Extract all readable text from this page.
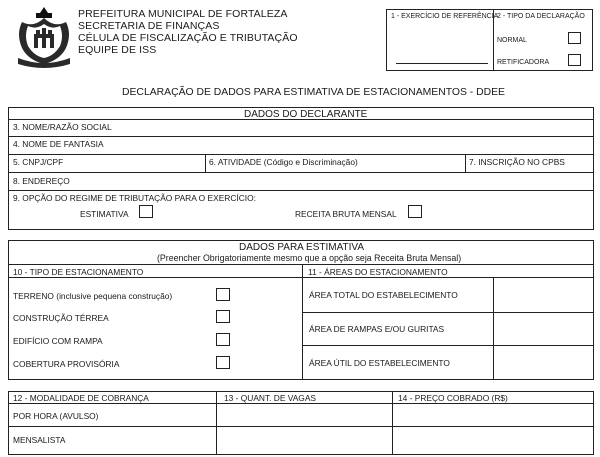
PREFEITURA MUNICIPAL DE FORTALEZA
SECRETARIA DE FINANÇAS
CÉLULA DE FISCALIZAÇÃO E TRIBUTAÇÃO
EQUIPE DE ISS
1 - EXERCÍCIO DE REFERÊNCIA
2 - TIPO DA DECLARAÇÃO
NORMAL
RETIFICADORA
DECLARAÇÃO DE DADOS PARA ESTIMATIVA DE ESTACIONAMENTOS - DDEE
DADOS DO DECLARANTE
3. NOME/RAZÃO SOCIAL
4. NOME DE FANTASIA
5. CNPJ/CPF	6. ATIVIDADE (Código e Discriminação)	7. INSCRIÇÃO NO CPBS
8. ENDEREÇO
9. OPÇÃO DO REGIME DE TRIBUTAÇÃO PARA O EXERCÍCIO:
ESTIMATIVA	RECEITA BRUTA MENSAL
DADOS PARA ESTIMATIVA
(Preencher Obrigatoriamente mesmo que a opção seja Receita Bruta Mensal)
10 - TIPO DE ESTACIONAMENTO	11 - ÁREAS DO ESTACIONAMENTO
TERRENO (inclusive pequena construção)
CONSTRUÇÃO TÉRREA
EDIFÍCIO COM RAMPA
COBERTURA PROVISÓRIA
ÁREA TOTAL DO ESTABELECIMENTO
ÁREA DE RAMPAS E/OU GURITAS
ÁREA ÚTIL DO ESTABELECIMENTO
12 - MODALIDADE DE COBRANÇA	13 - QUANT. DE VAGAS	14 - PREÇO COBRADO (R$)
POR HORA (AVULSO)
MENSALISTA
